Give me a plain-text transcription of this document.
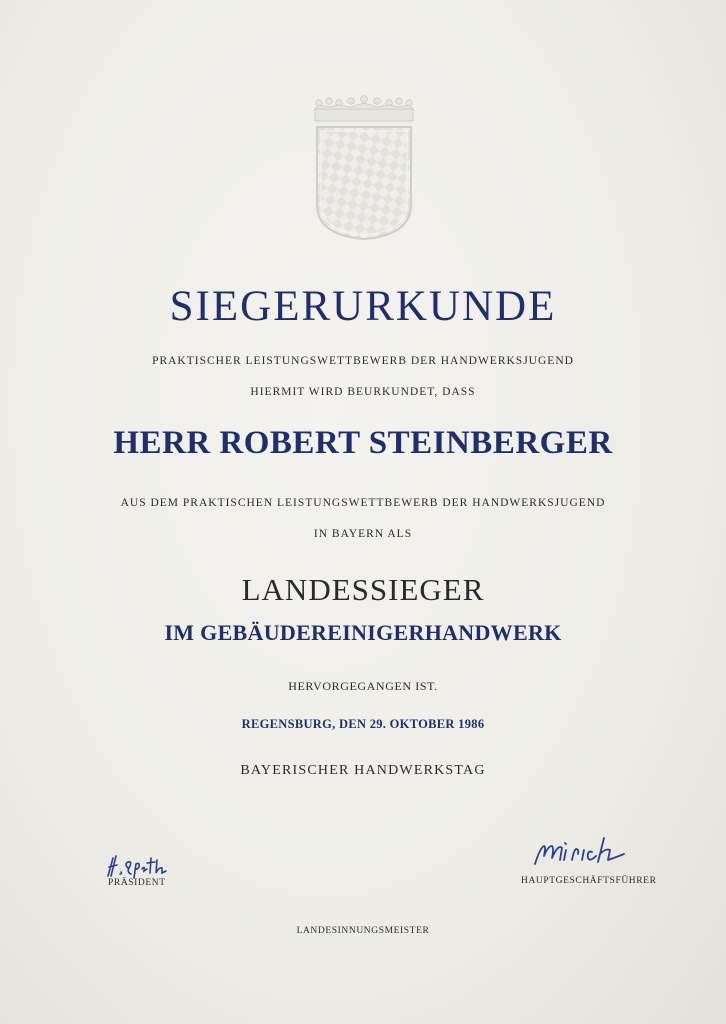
SIEGERURKUNDE
PRAKTISCHER LEISTUNGSWETTBEWERB DER HANDWERKSJUGEND
HIERMIT WIRD BEURKUNDET, DASS
HERR ROBERT STEINBERGER
AUS DEM PRAKTISCHEN LEISTUNGSWETTBEWERB DER HANDWERKSJUGEND
IN BAYERN ALS
LANDESSIEGER
IM GEBÄUDEREINIGERHANDWERK
HERVORGEGANGEN IST.
REGENSBURG, DEN 29. OKTOBER 1986
BAYERISCHER HANDWERKSTAG
PRÄSIDENT	HAUPTGESCHÄFTSFÜHRER
LANDESINNUNGSMEISTER
